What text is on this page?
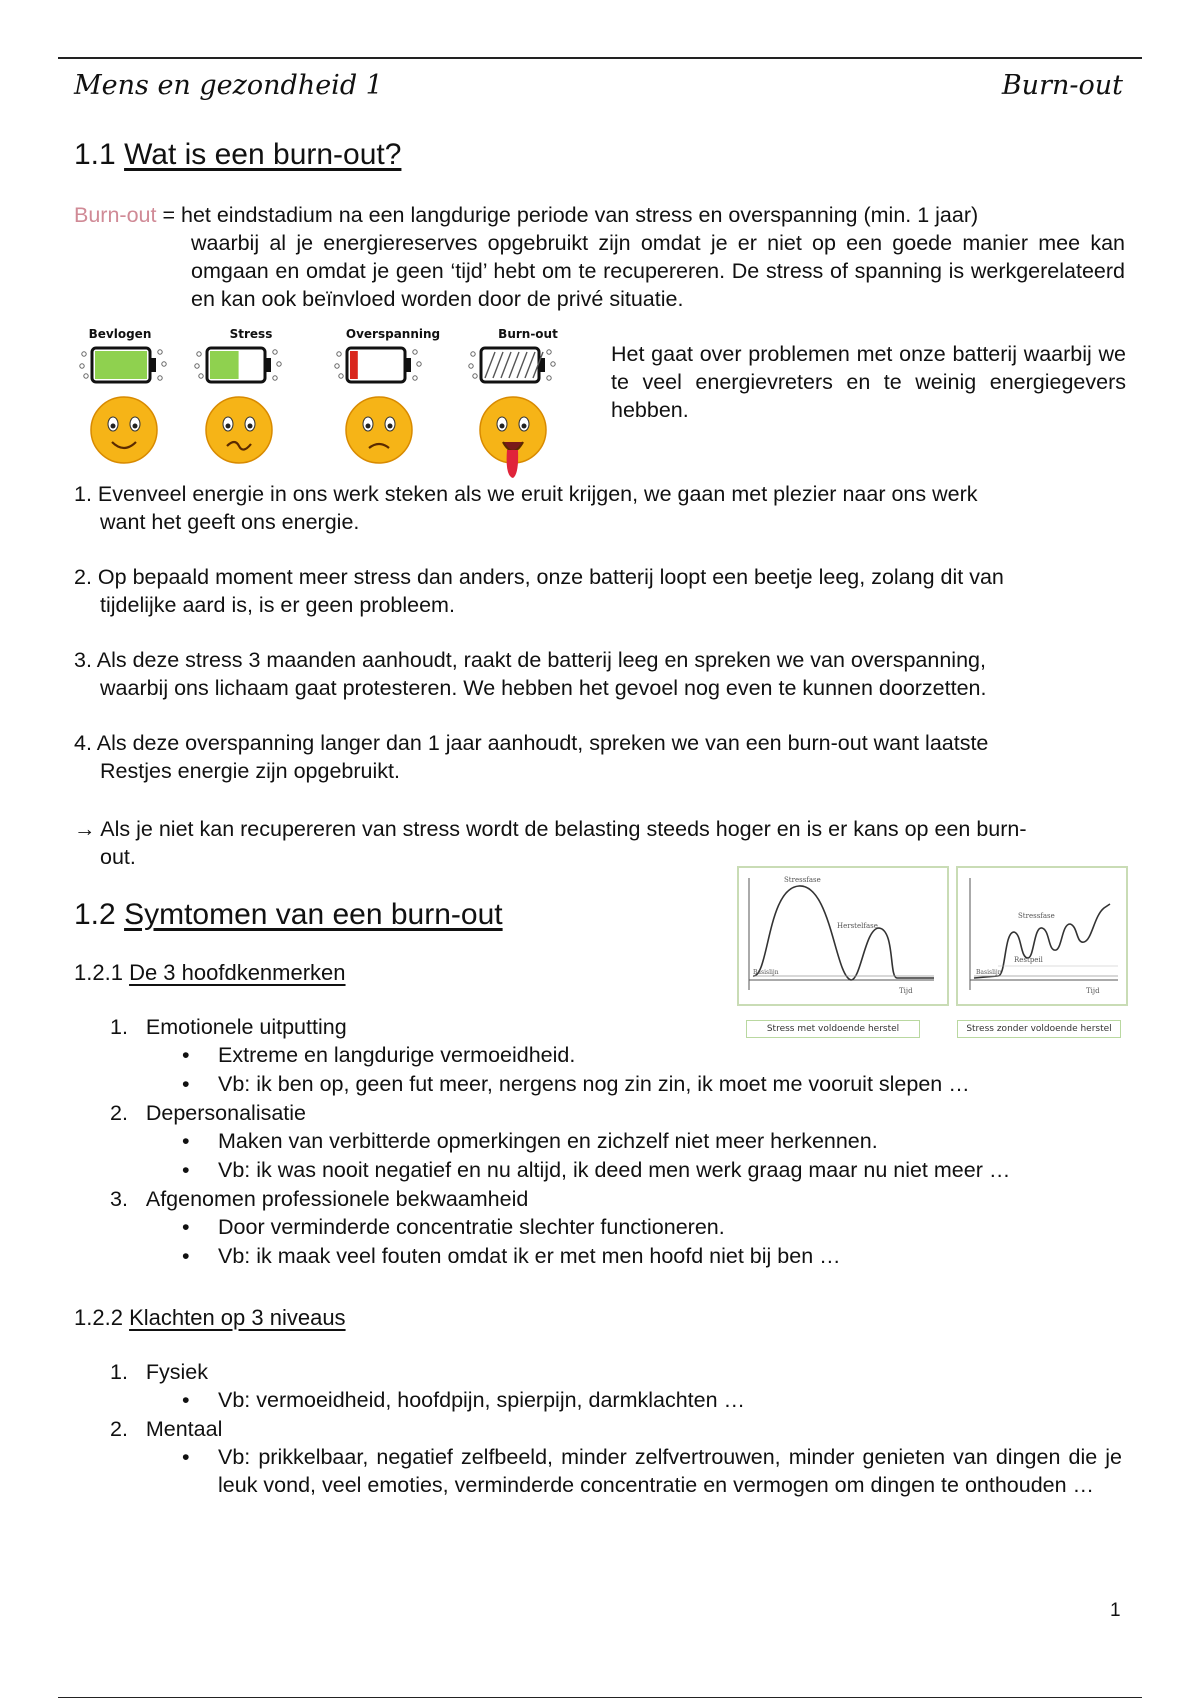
Mens en gezondheid 1	Burn-out
1.1 Wat is een burn-out?
Burn-out = het eindstadium na een langdurige periode van stress en overspanning (min. 1 jaar)
waarbij al je energiereserves opgebruikt zijn omdat je er niet op een goede manier mee kan omgaan en omdat je geen ‘tijd’ hebt om te recupereren. De stress of spanning is werkgerelateerd en kan ook beïnvloed worden door de privé situatie.
Bevlogen	Stress	Overspanning	Burn-out
Het gaat over problemen met onze batterij waarbij we te veel energievreters en te weinig energiegevers hebben.
1. Evenveel energie in ons werk steken als we eruit krijgen, we gaan met plezier naar ons werk
want het geeft ons energie.
2. Op bepaald moment meer stress dan anders, onze batterij loopt een beetje leeg, zolang dit van
tijdelijke aard is, is er geen probleem.
3. Als deze stress 3 maanden aanhoudt, raakt de batterij leeg en spreken we van overspanning,
waarbij ons lichaam gaat protesteren. We hebben het gevoel nog even te kunnen doorzetten.
4. Als deze overspanning langer dan 1 jaar aanhoudt, spreken we van een burn-out want laatste
Restjes energie zijn opgebruikt.
→ Als je niet kan recupereren van stress wordt de belasting steeds hoger en is er kans op een burn-
out.
1.2 Symtomen van een burn-out
Stressfase
Herstelfase
Basislijn
Tijd
Stressfase
Restpeil
Basislijn
Tijd
Stress met voldoende herstel	Stress zonder voldoende herstel
1.2.1 De 3 hoofdkenmerken
1. Emotionele uitputting
• Extreme en langdurige vermoeidheid.
• Vb: ik ben op, geen fut meer, nergens nog zin zin, ik moet me vooruit slepen …
2. Depersonalisatie
• Maken van verbitterde opmerkingen en zichzelf niet meer herkennen.
• Vb: ik was nooit negatief en nu altijd, ik deed men werk graag maar nu niet meer …
3. Afgenomen professionele bekwaamheid
• Door verminderde concentratie slechter functioneren.
• Vb: ik maak veel fouten omdat ik er met men hoofd niet bij ben …
1.2.2 Klachten op 3 niveaus
1. Fysiek
• Vb: vermoeidheid, hoofdpijn, spierpijn, darmklachten …
2. Mentaal
• Vb: prikkelbaar, negatief zelfbeeld, minder zelfvertrouwen, minder genieten van dingen die je leuk vond, veel emoties, verminderde concentratie en vermogen om dingen te onthouden …
1
